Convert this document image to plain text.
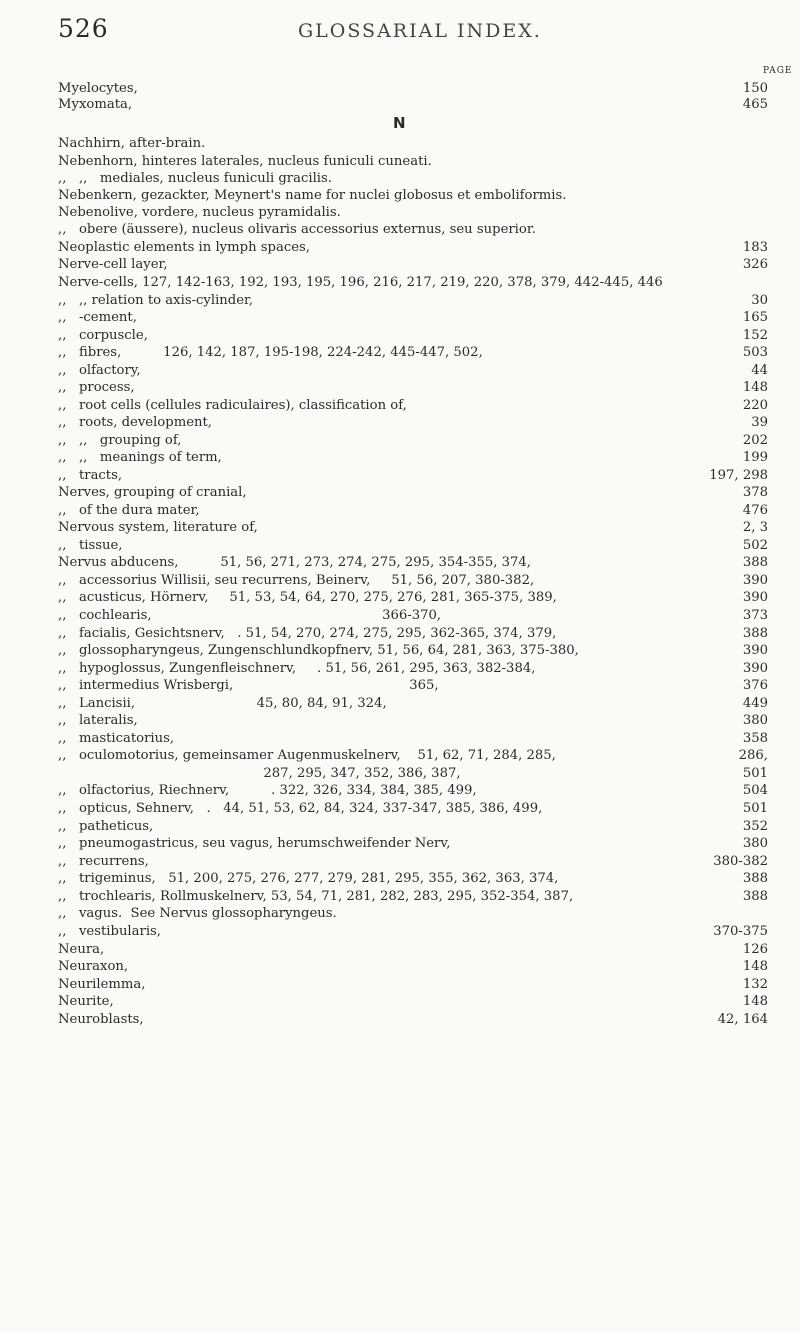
526	GLOSSARIAL INDEX.
PAGE
Myelocytes,	150
Myxomata,	465
Nachhirn, after-brain.
Nebenhorn, hinteres laterales, nucleus funiculi cuneati.
,,   ,,   mediales, nucleus funiculi gracilis.
Nebenkern, gezackter, Meynert's name for nuclei globosus et emboliformis.
Nebenolive, vordere, nucleus pyramidalis.
,,   obere (äussere), nucleus olivaris accessorius externus, seu superior.
Neoplastic elements in lymph spaces,	183
Nerve-cell layer,	326
Nerve-cells, 127, 142-163, 192, 193, 195, 196, 216, 217, 219, 220, 378, 379, 442-445, 446
,,   ,, relation to axis-cylinder,	30
,,   -cement,	165
,,   corpuscle,	152
,,   fibres,          126, 142, 187, 195-198, 224-242, 445-447, 502,	503
,,   olfactory,	44
,,   process,	148
,,   root cells (cellules radiculaires), classification of,	220
,,   roots, development,	39
,,   ,,   grouping of,	202
,,   ,,   meanings of term,	199
,,   tracts,	197, 298
Nerves, grouping of cranial,	378
,,   of the dura mater,	476
Nervous system, literature of,	2, 3
,,   tissue,	502
Nervus abducens,          51, 56, 271, 273, 274, 275, 295, 354-355, 374,	388
,,   accessorius Willisii, seu recurrens, Beinerv,     51, 56, 207, 380-382,	390
,,   acusticus, Hörnerv,     51, 53, 54, 64, 270, 275, 276, 281, 365-375, 389,	390
,,   cochlearis,                                                       366-370,	373
,,   facialis, Gesichtsnerv,   . 51, 54, 270, 274, 275, 295, 362-365, 374, 379,	388
,,   glossopharyngeus, Zungenschlundkopfnerv, 51, 56, 64, 281, 363, 375-380,	390
,,   hypoglossus, Zungenfleischnerv,     . 51, 56, 261, 295, 363, 382-384,	390
,,   intermedius Wrisbergi,                                          365,	376
,,   Lancisii,                             45, 80, 84, 91, 324,	449
,,   lateralis,	380
,,   masticatorius,	358
,,   oculomotorius, gemeinsamer Augenmuskelnerv,    51, 62, 71, 284, 285,	286,
287, 295, 347, 352, 386, 387,	501
,,   olfactorius, Riechnerv,          . 322, 326, 334, 384, 385, 499,	504
,,   opticus, Sehnerv,   .   44, 51, 53, 62, 84, 324, 337-347, 385, 386, 499,	501
,,   patheticus,	352
,,   pneumogastricus, seu vagus, herumschweifender Nerv,	380
,,   recurrens,	380-382
,,   trigeminus,   51, 200, 275, 276, 277, 279, 281, 295, 355, 362, 363, 374,	388
,,   trochlearis, Rollmuskelnerv, 53, 54, 71, 281, 282, 283, 295, 352-354, 387,	388
,,   vagus.  See Nervus glossopharyngeus.
,,   vestibularis,	370-375
Neura,	126
Neuraxon,	148
Neurilemma,	132
Neurite,	148
Neuroblasts,	42, 164
N
